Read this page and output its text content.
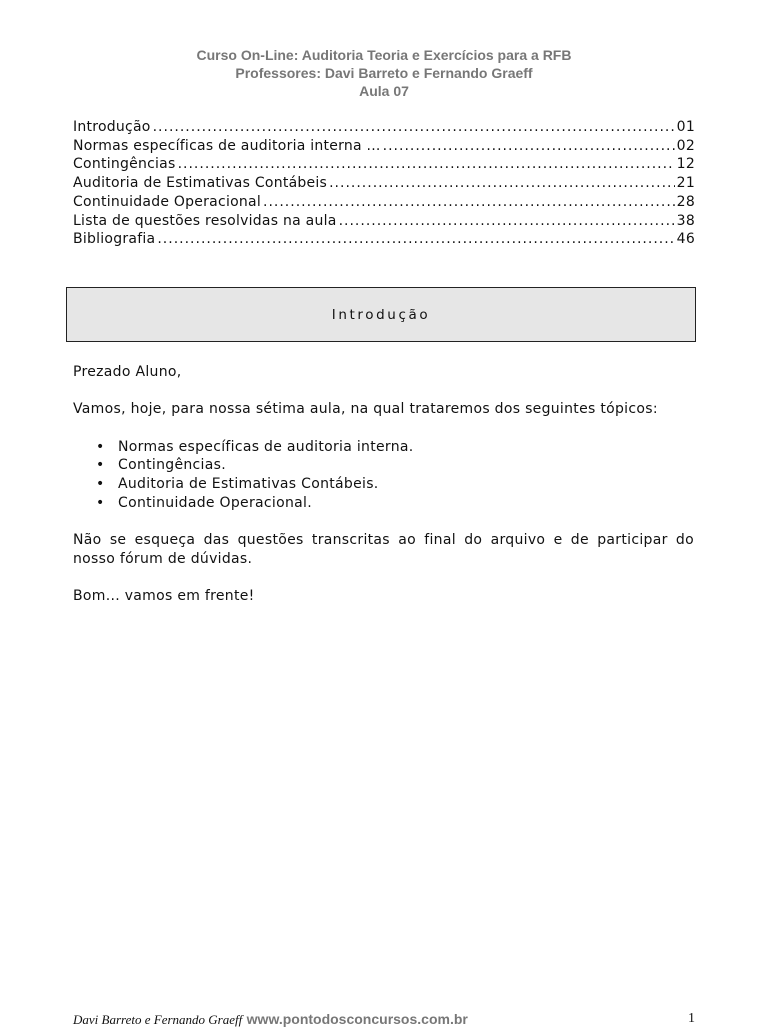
Curso On-Line: Auditoria Teoria e Exercícios para a RFB
Professores: Davi Barreto e Fernando Graeff
Aula 07
Introdução .....	01
Normas específicas de auditoria interna ... .....	02
Contingências .....	12
Auditoria de Estimativas Contábeis .....	21
Continuidade Operacional .....	28
Lista de questões resolvidas na aula .....	38
Bibliografia .....	46
Introdução

Prezado Aluno,

Vamos, hoje, para nossa sétima aula, na qual trataremos dos seguintes tópicos:

• Normas específicas de auditoria interna.
• Contingências.
• Auditoria de Estimativas Contábeis.
• Continuidade Operacional.

Não se esqueça das questões transcritas ao final do arquivo e de participar do nosso fórum de dúvidas.

Bom... vamos em frente!

Davi Barreto e Fernando Graeff www.pontodosconcursos.com.br	1
